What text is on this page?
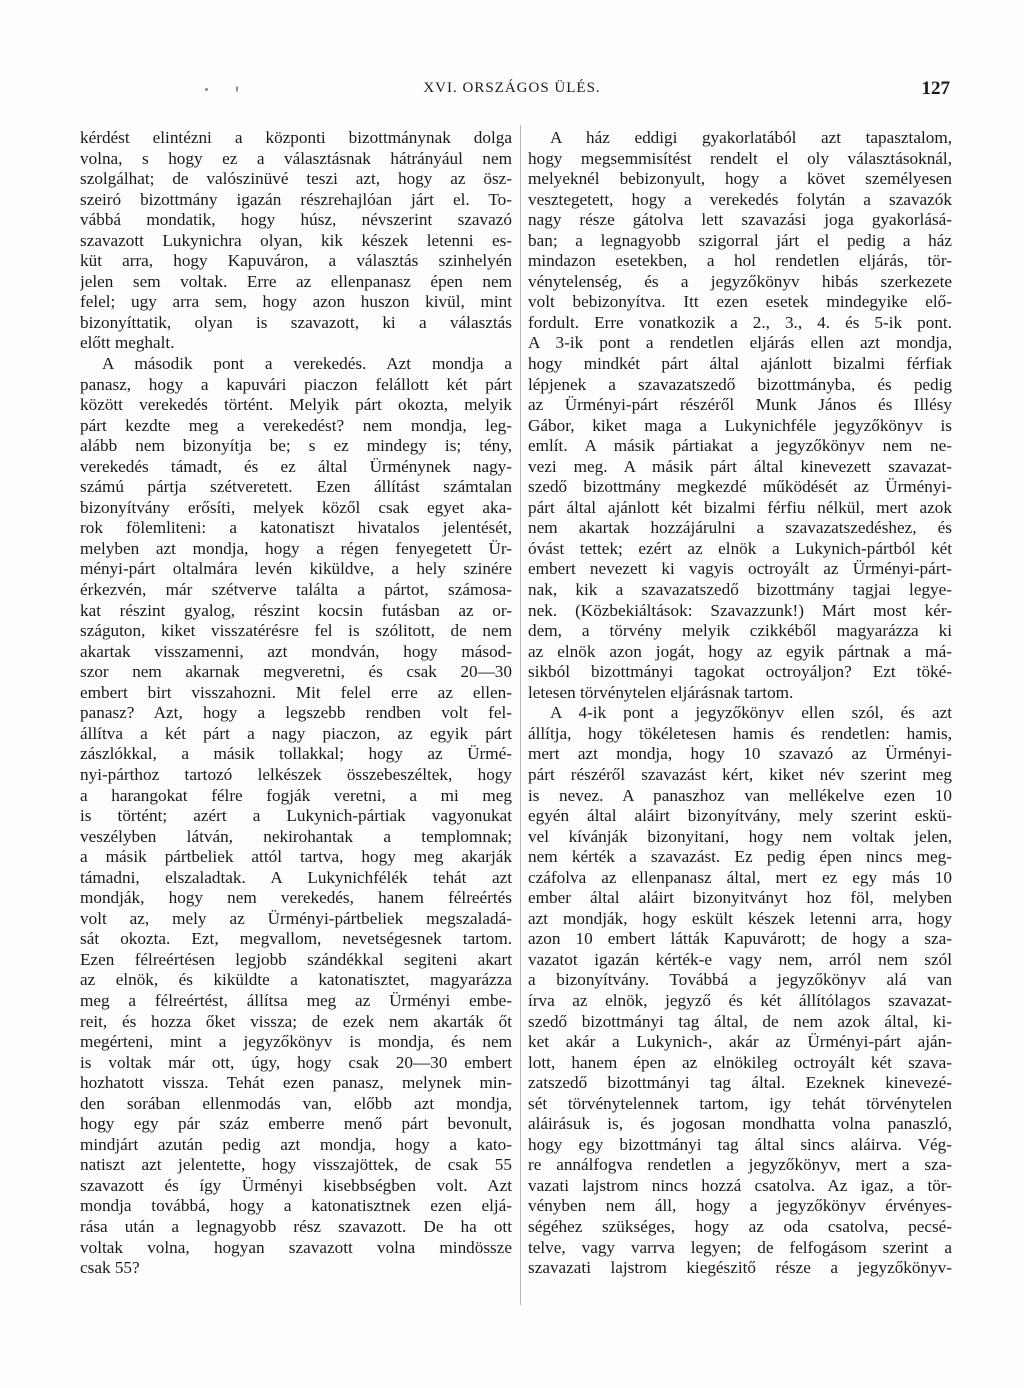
XVI. ORSZÁGOS ÜLÉS.	127
kérdést elintézni a központi bizottmánynak dolga
volna, s hogy ez a választásnak hátrányául nem
szolgálhat; de valószinüvé teszi azt, hogy az ösz-
szeiró bizottmány igazán részrehajlóan járt el. To-
vábbá mondatik, hogy húsz, névszerint szavazó
szavazott Lukynichra olyan, kik készek letenni es-
küt arra, hogy Kapuváron, a választás szinhelyén
jelen sem voltak. Erre az ellenpanasz épen nem
felel; ugy arra sem, hogy azon huszon kivül, mint
bizonyíttatik, olyan is szavazott, ki a választás
előtt meghalt.
A második pont a verekedés. Azt mondja a
panasz, hogy a kapuvári piaczon felállott két párt
között verekedés történt. Melyik párt okozta, melyik
párt kezdte meg a verekedést? nem mondja, leg-
alább nem bizonyítja be; s ez mindegy is; tény,
verekedés támadt, és ez által Ürménynek nagy-
számú pártja szétveretett. Ezen állítást számtalan
bizonyítvány erősíti, melyek közől csak egyet aka-
rok fölemliteni: a katonatiszt hivatalos jelentését,
melyben azt mondja, hogy a régen fenyegetett Ür-
ményi-párt oltalmára levén kiküldve, a hely szinére
érkezvén, már szétverve találta a pártot, számosa-
kat részint gyalog, részint kocsin futásban az or-
száguton, kiket visszatérésre fel is szólitott, de nem
akartak visszamenni, azt mondván, hogy másod-
szor nem akarnak megveretni, és csak 20—30
embert birt visszahozni. Mit felel erre az ellen-
panasz? Azt, hogy a legszebb rendben volt fel-
állítva a két párt a nagy piaczon, az egyik párt
zászlókkal, a másik tollakkal; hogy az Ürmé-
nyi-párthoz tartozó lelkészek összebeszéltek, hogy
a harangokat félre fogják veretni, a mi meg
is történt; azért a Lukynich-pártiak vagyonukat
veszélyben látván, nekirohantak a templomnak;
a másik pártbeliek attól tartva, hogy meg akarják
támadni, elszaladtak. A Lukynichfélék tehát azt
mondják, hogy nem verekedés, hanem félreértés
volt az, mely az Ürményi-pártbeliek megszaladá-
sát okozta. Ezt, megvallom, nevetségesnek tartom.
Ezen félreértésen legjobb szándékkal segiteni akart
az elnök, és kiküldte a katonatisztet, magyarázza
meg a félreértést, állítsa meg az Ürményi embe-
reit, és hozza őket vissza; de ezek nem akarták őt
megérteni, mint a jegyzőkönyv is mondja, és nem
is voltak már ott, úgy, hogy csak 20—30 embert
hozhatott vissza. Tehát ezen panasz, melynek min-
den sorában ellenmodás van, előbb azt mondja,
hogy egy pár száz emberre menő párt bevonult,
mindjárt azután pedig azt mondja, hogy a kato-
natiszt azt jelentette, hogy visszajöttek, de csak 55
szavazott és így Ürményi kisebbségben volt. Azt
mondja továbbá, hogy a katonatisztnek ezen eljá-
rása után a legnagyobb rész szavazott. De ha ott
voltak volna, hogyan szavazott volna mindössze
csak 55?
A ház eddigi gyakorlatából azt tapasztalom,
hogy megsemmisítést rendelt el oly választásoknál,
melyeknél bebizonyult, hogy a követ személyesen
vesztegetett, hogy a verekedés folytán a szavazók
nagy része gátolva lett szavazási joga gyakorlásá-
ban; a legnagyobb szigorral járt el pedig a ház
mindazon esetekben, a hol rendetlen eljárás, tör-
vénytelenség, és a jegyzőkönyv hibás szerkezete
volt bebizonyítva. Itt ezen esetek mindegyike elő-
fordult. Erre vonatkozik a 2., 3., 4. és 5-ik pont.
A 3-ik pont a rendetlen eljárás ellen azt mondja,
hogy mindkét párt által ajánlott bizalmi férfiak
lépjenek a szavazatszedő bizottmányba, és pedig
az Ürményi-párt részéről Munk János és Illésy
Gábor, kiket maga a Lukynichféle jegyzőkönyv is
említ. A másik pártiakat a jegyzőkönyv nem ne-
vezi meg. A másik párt által kinevezett szavazat-
szedő bizottmány megkezdé működését az Ürményi-
párt által ajánlott két bizalmi férfiu nélkül, mert azok
nem akartak hozzájárulni a szavazatszedéshez, és
óvást tettek; ezért az elnök a Lukynich-pártból két
embert nevezett ki vagyis octroyált az Ürményi-párt-
nak, kik a szavazatszedő bizottmány tagjai legye-
nek. (Közbekiáltások: Szavazzunk!) Márt most kér-
dem, a törvény melyik czikkéből magyarázza ki
az elnök azon jogát, hogy az egyik pártnak a má-
sikból bizottmányi tagokat octroyáljon? Ezt töké-
letesen törvénytelen eljárásnak tartom.
A 4-ik pont a jegyzőkönyv ellen szól, és azt
állítja, hogy tökéletesen hamis és rendetlen: hamis,
mert azt mondja, hogy 10 szavazó az Ürményi-
párt részéről szavazást kért, kiket név szerint meg
is nevez. A panaszhoz van mellékelve ezen 10
egyén által aláirt bizonyítvány, mely szerint eskü-
vel kívánják bizonyitani, hogy nem voltak jelen,
nem kérték a szavazást. Ez pedig épen nincs meg-
czáfolva az ellenpanasz által, mert ez egy más 10
ember által aláirt bizonyitványt hoz föl, melyben
azt mondják, hogy eskült készek letenni arra, hogy
azon 10 embert látták Kapuvárott; de hogy a sza-
vazatot igazán kérték-e vagy nem, arról nem szól
a bizonyítvány. Továbbá a jegyzőkönyv alá van
írva az elnök, jegyző és két állítólagos szavazat-
szedő bizottmányi tag által, de nem azok által, ki-
ket akár a Lukynich-, akár az Ürményi-párt aján-
lott, hanem épen az elnökileg octroyált két szava-
zatszedő bizottmányi tag által. Ezeknek kinevezé-
sét törvénytelennek tartom, igy tehát törvénytelen
aláirásuk is, és jogosan mondhatta volna panaszló,
hogy egy bizottmányi tag által sincs aláirva. Vég-
re annálfogva rendetlen a jegyzőkönyv, mert a sza-
vazati lajstrom nincs hozzá csatolva. Az igaz, a tör-
vényben nem áll, hogy a jegyzőkönyv érvényes-
ségéhez szükséges, hogy az oda csatolva, pecsé-
telve, vagy varrva legyen; de felfogásom szerint a
szavazati lajstrom kiegészitő része a jegyzőkönyv-
